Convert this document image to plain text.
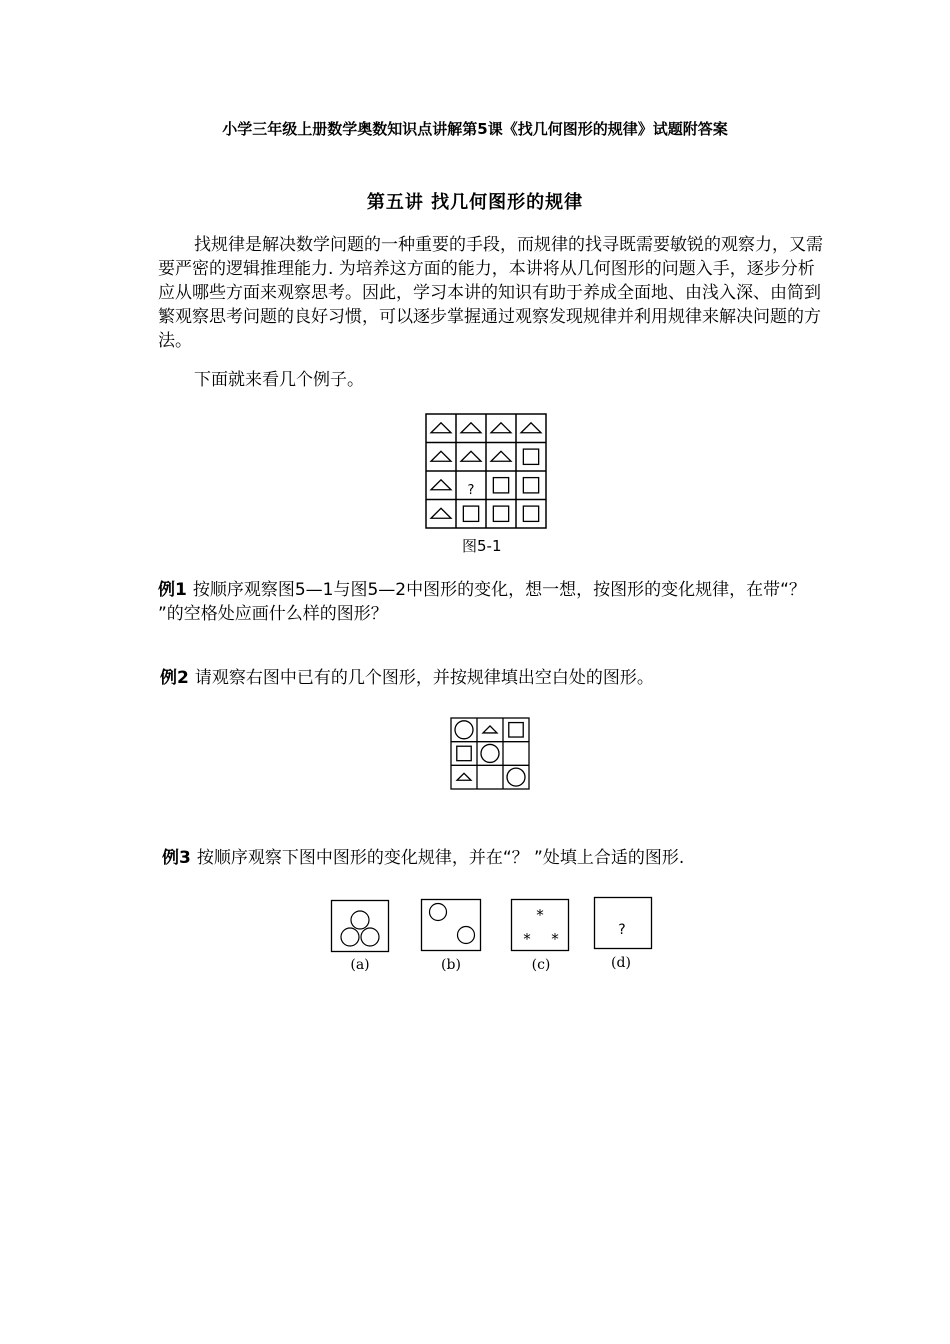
小学三年级上册数学奥数知识点讲解第5课《找几何图形的规律》试题附答案
第五讲 找几何图形的规律
找规律是解决数学问题的一种重要的手段，而规律的找寻既需要敏锐的观察力，又需要严密的逻辑推理能力. 为培养这方面的能力，本讲将从几何图形的问题入手，逐步分析应从哪些方面来观察思考。因此，学习本讲的知识有助于养成全面地、由浅入深、由简到繁观察思考问题的良好习惯，可以逐步掌握通过观察发现规律并利用规律来解决问题的方法。
下面就来看几个例子。
?
图5-1
例1 按顺序观察图5—1与图5—2中图形的变化，想一想，按图形的变化规律，在带“？ ”的空格处应画什么样的图形？
例2 请观察右图中已有的几个图形，并按规律填出空白处的图形。
例3 按顺序观察下图中图形的变化规律，并在“？ ”处填上合适的图形.
(a)	(b)
*
* *
(c)
?
(d)
